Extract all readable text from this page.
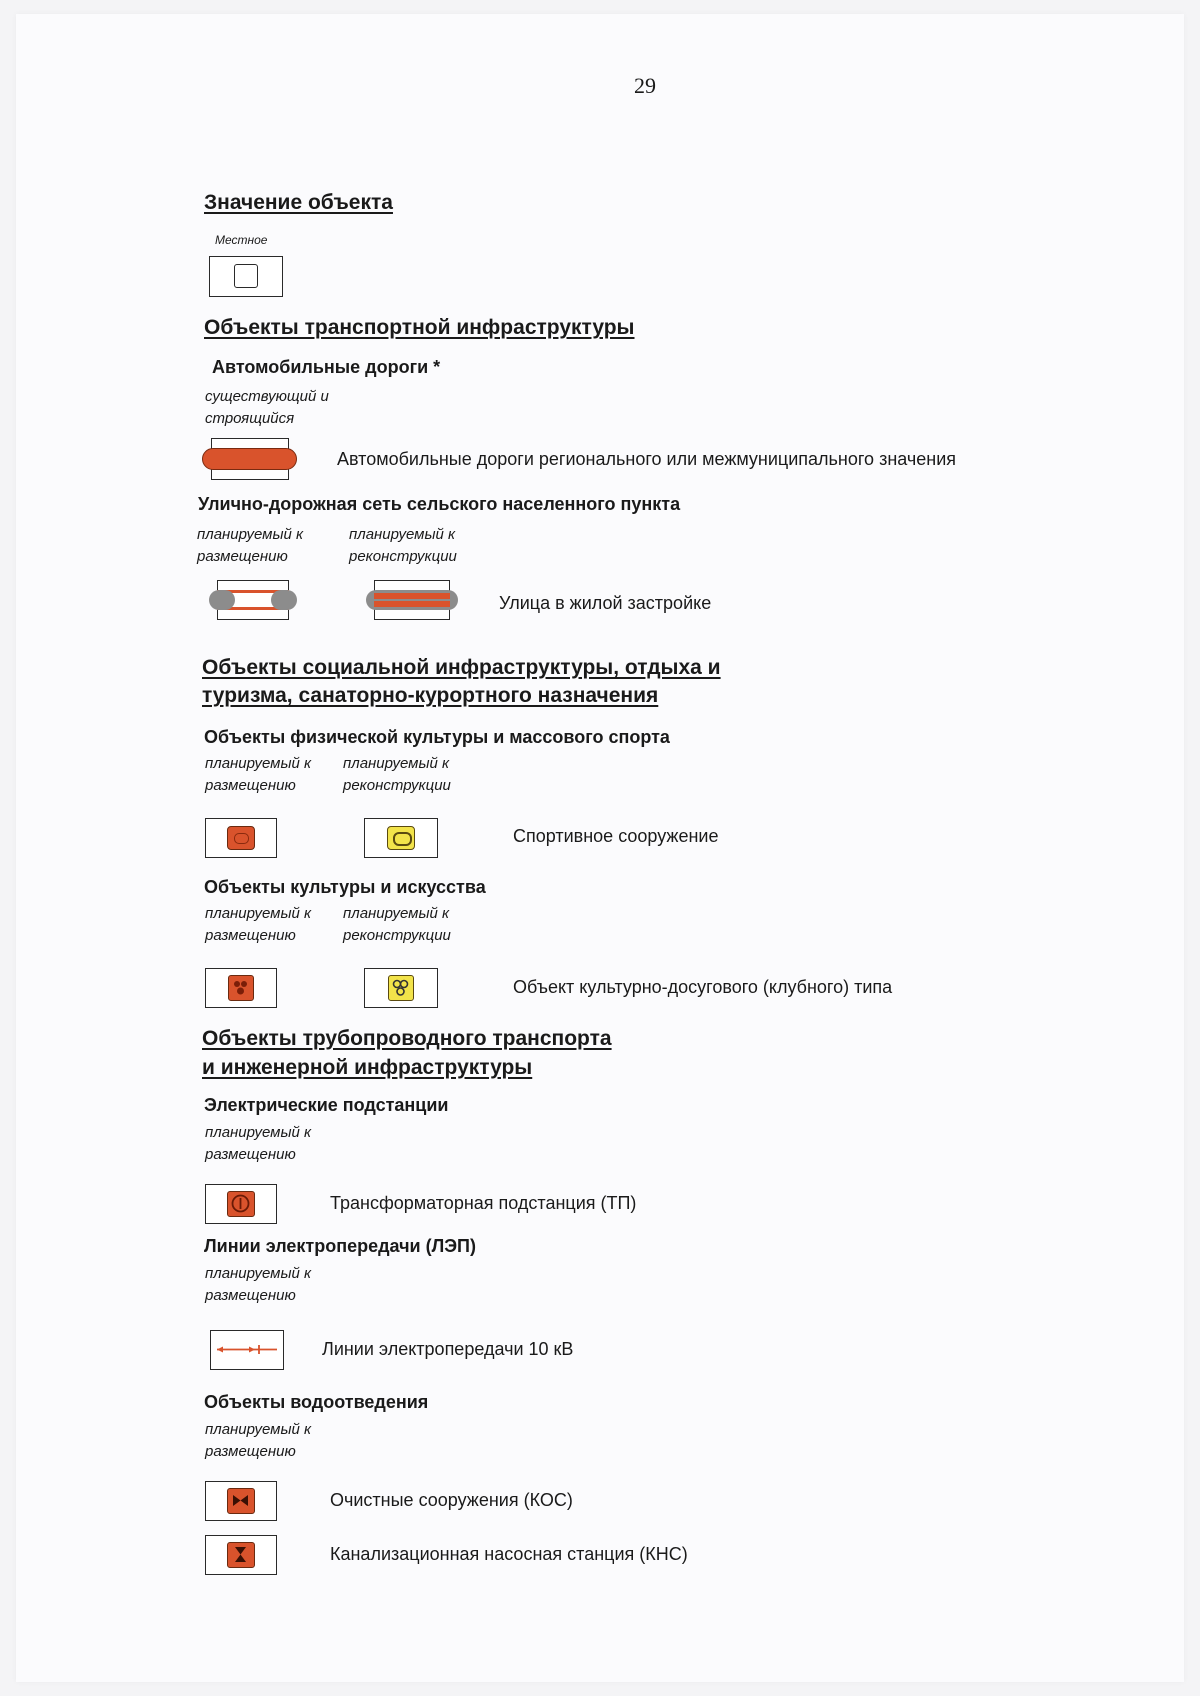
29
Значение объекта
Местное
Объекты транспортной инфраструктуры
Автомобильные дороги *
существующий и
строящийся
Автомобильные дороги регионального или межмуниципального значения
Улично-дорожная сеть сельского населенного пункта
планируемый к
размещению
планируемый к
реконструкции
Улица в жилой застройке
Объекты социальной инфраструктуры, отдыха и
туризма, санаторно-курортного назначения
Объекты физической культуры и массового спорта
планируемый к
размещению
планируемый к
реконструкции
Спортивное сооружение
Объекты культуры и искусства
планируемый к
размещению
планируемый к
реконструкции
Объект культурно-досугового (клубного) типа
Объекты трубопроводного транспорта
и инженерной инфраструктуры
Электрические подстанции
планируемый к
размещению
Трансформаторная подстанция (ТП)
Линии электропередачи (ЛЭП)
планируемый к
размещению
Линии электропередачи 10 кВ
Объекты водоотведения
планируемый к
размещению
Очистные сооружения (КОС)
Канализационная насосная станция (КНС)
